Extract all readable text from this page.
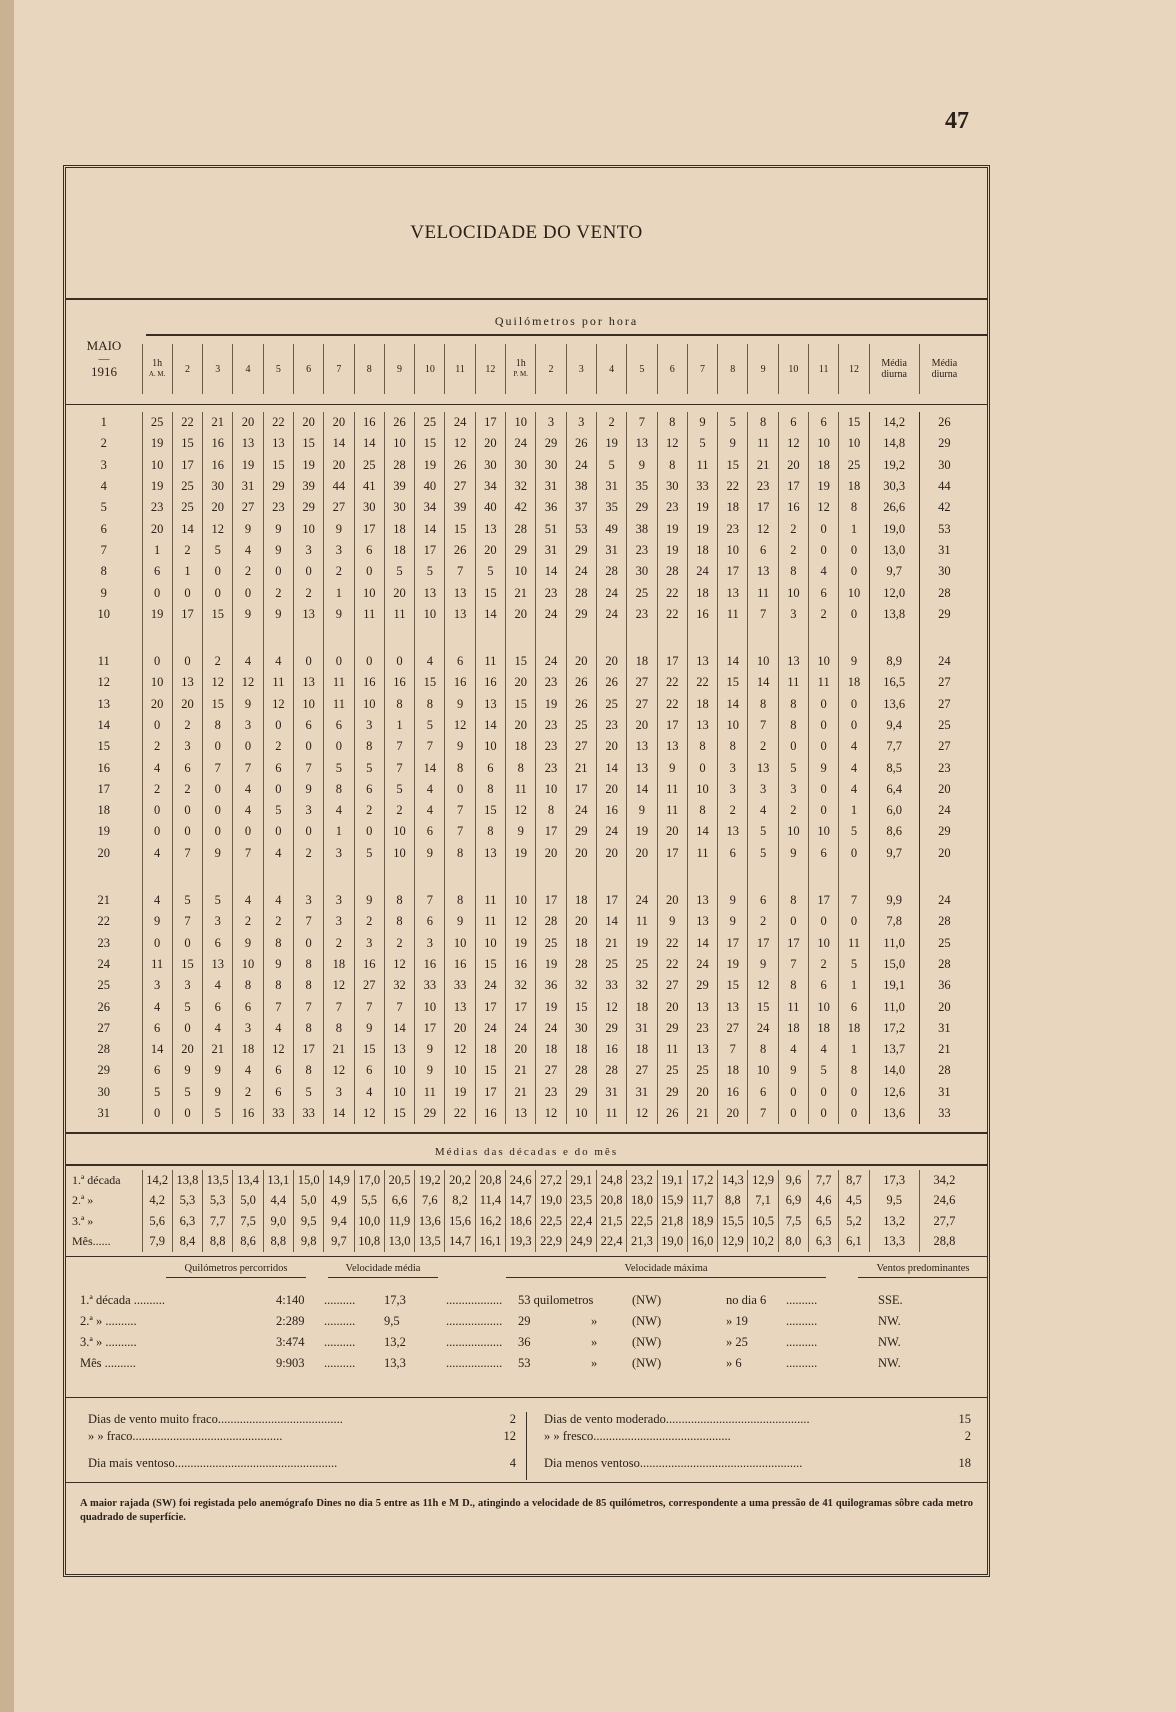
47
VELOCIDADE DO VENTO
Quilómetros por hora
MAIO
—
1916
	1h
A. M.	2	3	4	5	6	7	8	9	10	11	12	1h
P. M.	2	3	4	5	6	7	8	9	10	11	12	Média diurna	Média diurna
1	25	22	21	20	22	20	20	16	26	25	24	17	10	3	3	2	7	8	9	5	8	6	6	15	14,2	26
2	19	15	16	13	13	15	14	14	10	15	12	20	24	29	26	19	13	12	5	9	11	12	10	10	14,8	29
3	10	17	16	19	15	19	20	25	28	19	26	30	30	30	24	5	9	8	11	15	21	20	18	25	19,2	30
4	19	25	30	31	29	39	44	41	39	40	27	34	32	31	38	31	35	30	33	22	23	17	19	18	30,3	44
5	23	25	20	27	23	29	27	30	30	34	39	40	42	36	37	35	29	23	19	18	17	16	12	8	26,6	42
6	20	14	12	9	9	10	9	17	18	14	15	13	28	51	53	49	38	19	19	23	12	2	0	1	19,0	53
7	1	2	5	4	9	3	3	6	18	17	26	20	29	31	29	31	23	19	18	10	6	2	0	0	13,0	31
8	6	1	0	2	0	0	2	0	5	5	7	5	10	14	24	28	30	28	24	17	13	8	4	0	9,7	30
9	0	0	0	0	2	2	1	10	20	13	13	15	21	23	28	24	25	22	18	13	11	10	6	10	12,0	28
10	19	17	15	9	9	13	9	11	11	10	13	14	20	24	29	24	23	22	16	11	7	3	2	0	13,8	29

11	0	0	2	4	4	0	0	0	0	4	6	11	15	24	20	20	18	17	13	14	10	13	10	9	8,9	24
12	10	13	12	12	11	13	11	16	16	15	16	16	20	23	26	26	27	22	22	15	14	11	11	18	16,5	27
13	20	20	15	9	12	10	11	10	8	8	9	13	15	19	26	25	27	22	18	14	8	8	0	0	13,6	27
14	0	2	8	3	0	6	6	3	1	5	12	14	20	23	25	23	20	17	13	10	7	8	0	0	9,4	25
15	2	3	0	0	2	0	0	8	7	7	9	10	18	23	27	20	13	13	8	8	2	0	0	4	7,7	27
16	4	6	7	7	6	7	5	5	7	14	8	6	8	23	21	14	13	9	0	3	13	5	9	4	8,5	23
17	2	2	0	4	0	9	8	6	5	4	0	8	11	10	17	20	14	11	10	3	3	3	0	4	6,4	20
18	0	0	0	4	5	3	4	2	2	4	7	15	12	8	24	16	9	11	8	2	4	2	0	1	6,0	24
19	0	0	0	0	0	0	1	0	10	6	7	8	9	17	29	24	19	20	14	13	5	10	10	5	8,6	29
20	4	7	9	7	4	2	3	5	10	9	8	13	19	20	20	20	20	17	11	6	5	9	6	0	9,7	20

21	4	5	5	4	4	3	3	9	8	7	8	11	10	17	18	17	24	20	13	9	6	8	17	7	9,9	24
22	9	7	3	2	2	7	3	2	8	6	9	11	12	28	20	14	11	9	13	9	2	0	0	0	7,8	28
23	0	0	6	9	8	0	2	3	2	3	10	10	19	25	18	21	19	22	14	17	17	17	10	11	11,0	25
24	11	15	13	10	9	8	18	16	12	16	16	15	16	19	28	25	25	22	24	19	9	7	2	5	15,0	28
25	3	3	4	8	8	8	12	27	32	33	33	24	32	36	32	33	32	27	29	15	12	8	6	1	19,1	36
26	4	5	6	6	7	7	7	7	7	10	13	17	17	19	15	12	18	20	13	13	15	11	10	6	11,0	20
27	6	0	4	3	4	8	8	9	14	17	20	24	24	24	30	29	31	29	23	27	24	18	18	18	17,2	31
28	14	20	21	18	12	17	21	15	13	9	12	18	20	18	18	16	18	11	13	7	8	4	4	1	13,7	21
29	6	9	9	4	6	8	12	6	10	9	10	15	21	27	28	28	27	25	25	18	10	9	5	8	14,0	28
30	5	5	9	2	6	5	3	4	10	11	19	17	21	23	29	31	31	29	20	16	6	0	0	0	12,6	31
31	0	0	5	16	33	33	14	12	15	29	22	16	13	12	10	11	12	26	21	20	7	0	0	0	13,6	33
Médias das décadas e do mês
1.ª década	14,2	13,8	13,5	13,4	13,1	15,0	14,9	17,0	20,5	19,2	20,2	20,8	24,6	27,2	29,1	24,8	23,2	19,1	17,2	14,3	12,9	9,6	7,7	8,7	17,3	34,2
2.ª »	4,2	5,3	5,3	5,0	4,4	5,0	4,9	5,5	6,6	7,6	8,2	11,4	14,7	19,0	23,5	20,8	18,0	15,9	11,7	8,8	7,1	6,9	4,6	4,5	9,5	24,6
3.ª »	5,6	6,3	7,7	7,5	9,0	9,5	9,4	10,0	11,9	13,6	15,6	16,2	18,6	22,5	22,4	21,5	22,5	21,8	18,9	15,5	10,5	7,5	6,5	5,2	13,2	27,7
Mês......	7,9	8,4	8,8	8,6	8,8	9,8	9,7	10,8	13,0	13,5	14,7	16,1	19,3	22,9	24,9	22,4	21,3	19,0	16,0	12,9	10,2	8,0	6,3	6,1	13,3	28,8
Quilómetros percorridos	Velocidade média	Velocidade máxima	Ventos predominantes
1.ª década ..........	4:140 .......... 17,3	.................. 53 quilometros	(NW)	no dia 6 ..........	SSE.
2.ª » ..........	2:289 .......... 9,5	.................. 29	(NW)	» 19	..........	NW.
»
3.ª » ..........	3:474 .......... 13,2	.................. 36	(NW)	» 25	..........	NW.
»
Mês ..........	9:903 .......... 13,3	.................. 53	(NW)	» 6	..........	NW.
»
Dias de vento muito fraco........................................	2
» » fraco................................................	12
Dia mais ventoso....................................................	4
Dias de vento moderado..............................................	15
» » fresco............................................	2
Dia menos ventoso....................................................	18
A maior rajada (SW) foi registada pelo anemógrafo Dines no dia 5 entre as 11h e M D., atingindo a velocidade de 85 quilómetros, correspondente a uma pressão de 41 quilogramas sôbre cada metro quadrado de superfície.
